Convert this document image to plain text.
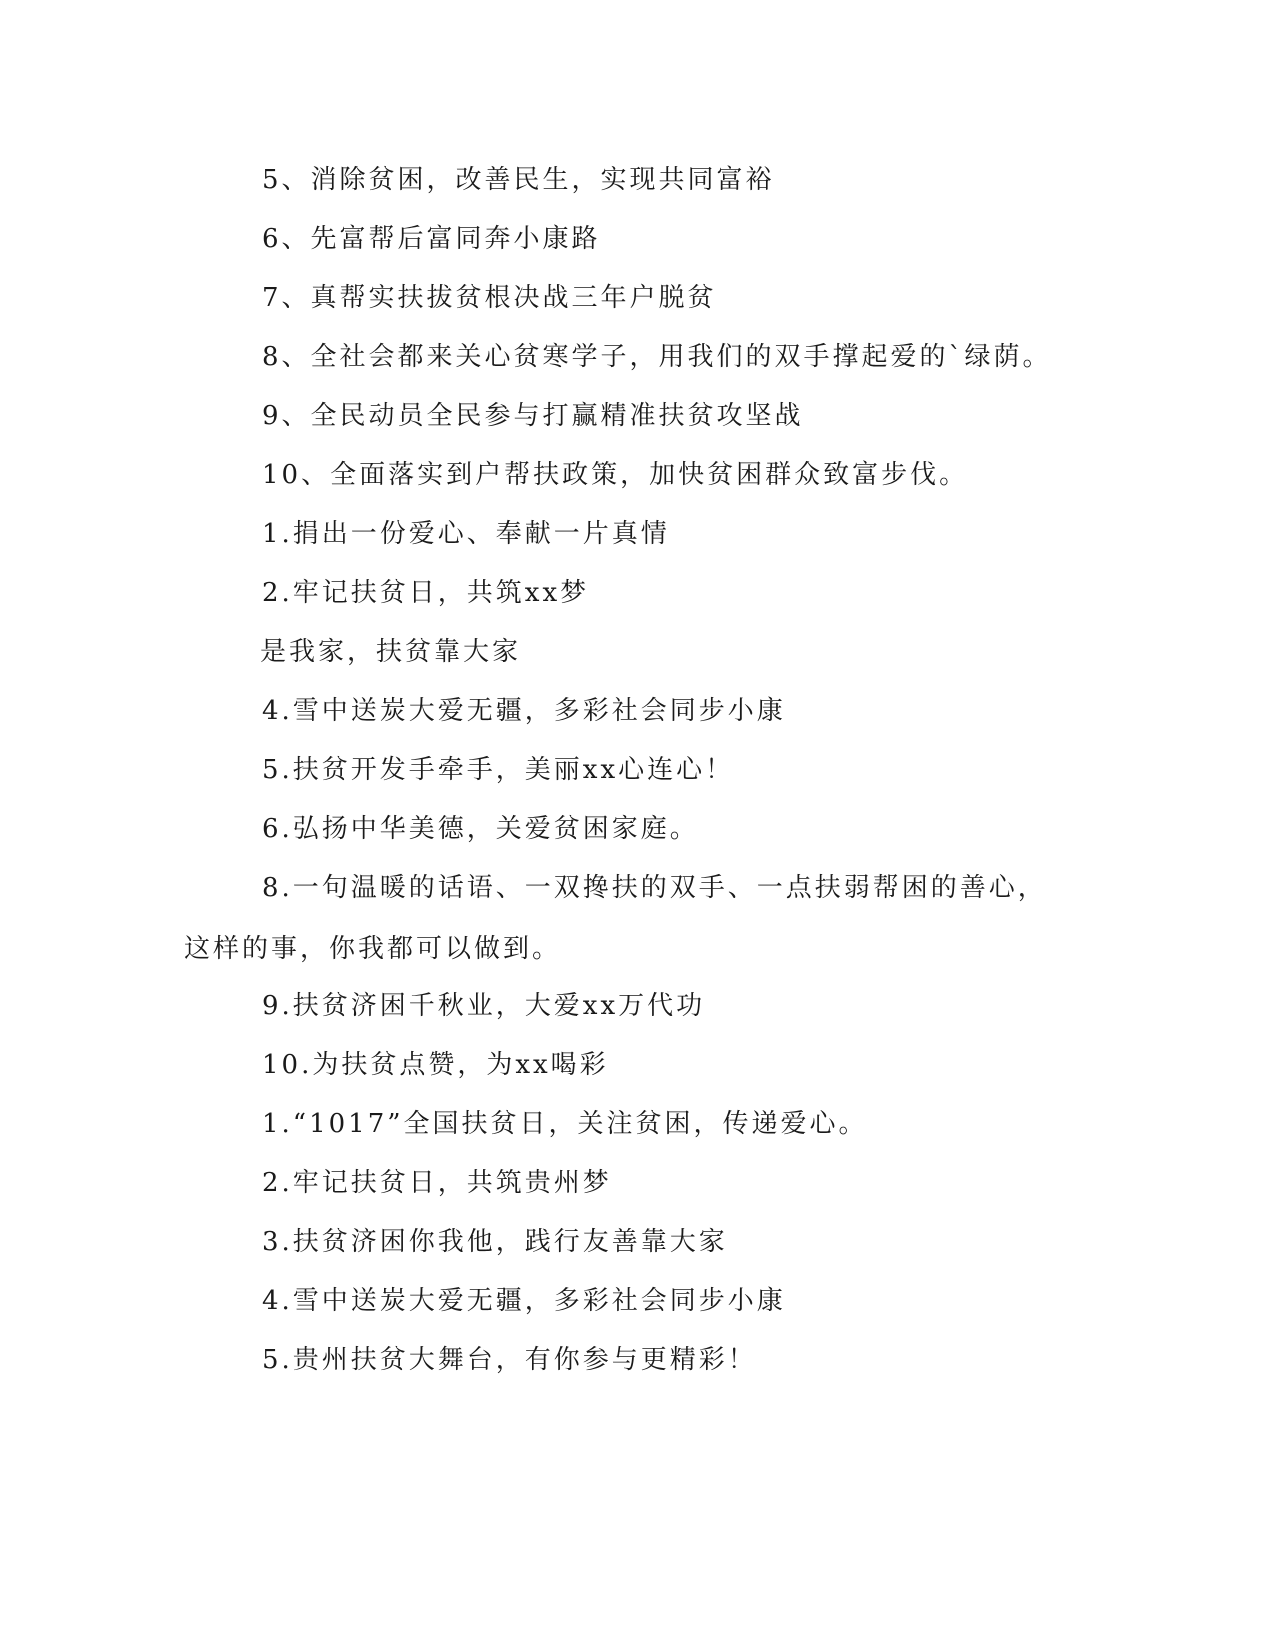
5、消除贫困，改善民生，实现共同富裕

6、先富帮后富同奔小康路

7、真帮实扶拔贫根决战三年户脱贫

8、全社会都来关心贫寒学子，用我们的双手撑起爱的`绿荫。

9、全民动员全民参与打赢精准扶贫攻坚战

10、全面落实到户帮扶政策，加快贫困群众致富步伐。

1.捐出一份爱心、奉献一片真情

2.牢记扶贫日，共筑xx梦

是我家，扶贫靠大家

4.雪中送炭大爱无疆，多彩社会同步小康

5.扶贫开发手牵手，美丽xx心连心！

6.弘扬中华美德，关爱贫困家庭。

8.一句温暖的话语、一双搀扶的双手、一点扶弱帮困的善心，这样的事，你我都可以做到。

9.扶贫济困千秋业，大爱xx万代功

10.为扶贫点赞，为xx喝彩

1.“1017”全国扶贫日，关注贫困，传递爱心。

2.牢记扶贫日，共筑贵州梦

3.扶贫济困你我他，践行友善靠大家

4.雪中送炭大爱无疆，多彩社会同步小康

5.贵州扶贫大舞台，有你参与更精彩！
